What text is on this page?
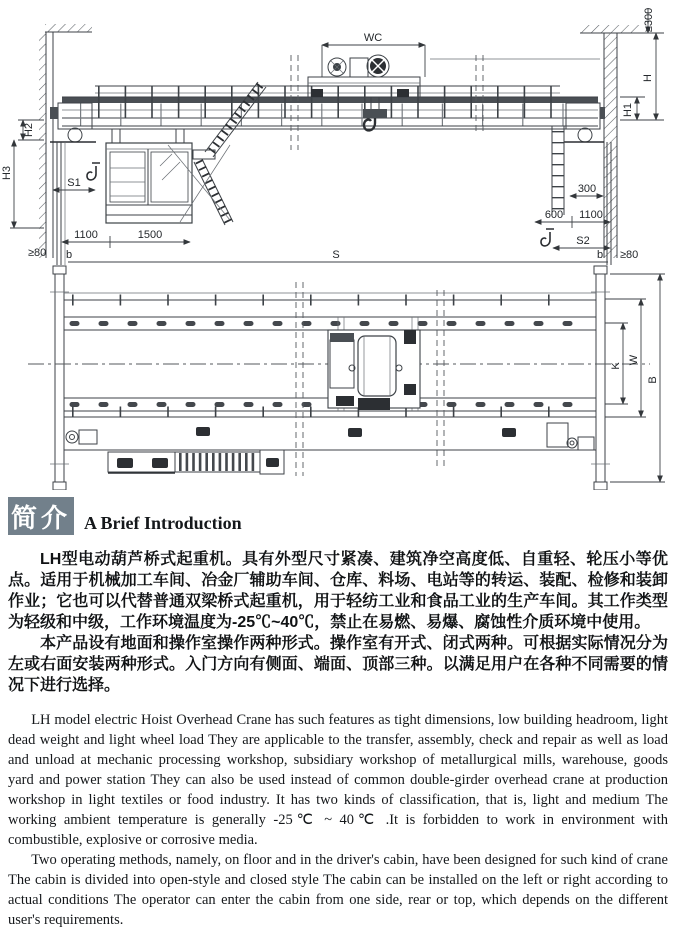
WC
≥300
H
H1
H2
H3
S1
1100	1500
≥80 b	S
300
600 1100
S2
b ≥80
K
W
B
简介 A Brief Introduction

LH型电动葫芦桥式起重机。具有外型尺寸紧凑、建筑净空高度低、自重轻、轮压小等优点。适用于机械加工车间、冶金厂辅助车间、仓库、料场、电站等的转运、装配、检修和装卸作业；它也可以代替普通双梁桥式起重机，用于轻纺工业和食品工业的生产车间。其工作类型为轻级和中级，工作环境温度为-25℃~40℃，禁止在易燃、易爆、腐蚀性介质环境中使用。

本产品设有地面和操作室操作两种形式。操作室有开式、闭式两种。可根据实际情况分为左或右面安装两种形式。入门方向有侧面、端面、顶部三种。以满足用户在各种不同需要的情况下进行选择。

LH model electric Hoist Overhead Crane has such features as tight dimensions, low building headroom, light dead weight and light wheel load They are applicable to the transfer, assembly, check and repair as well as load and unload at mechanic processing workshop, subsidiary workshop of metallurgical mills, warehouse, goods yard and power station They can also be used instead of common double-girder overhead crane at production workshop in light textiles or food industry. It has two kinds of classification, that is, light and medium The working ambient temperature is generally -25℃ ~ 40℃ .It is forbidden to work in environment with combustible, explosive or corrosive media.

Two operating methods, namely, on floor and in the driver's cabin, have been designed for such kind of crane The cabin is divided into open-style and closed style The cabin can be installed on the left or right according to actual conditions The operator can enter the cabin from one side, rear or top, which depends on the different user's requirements.
